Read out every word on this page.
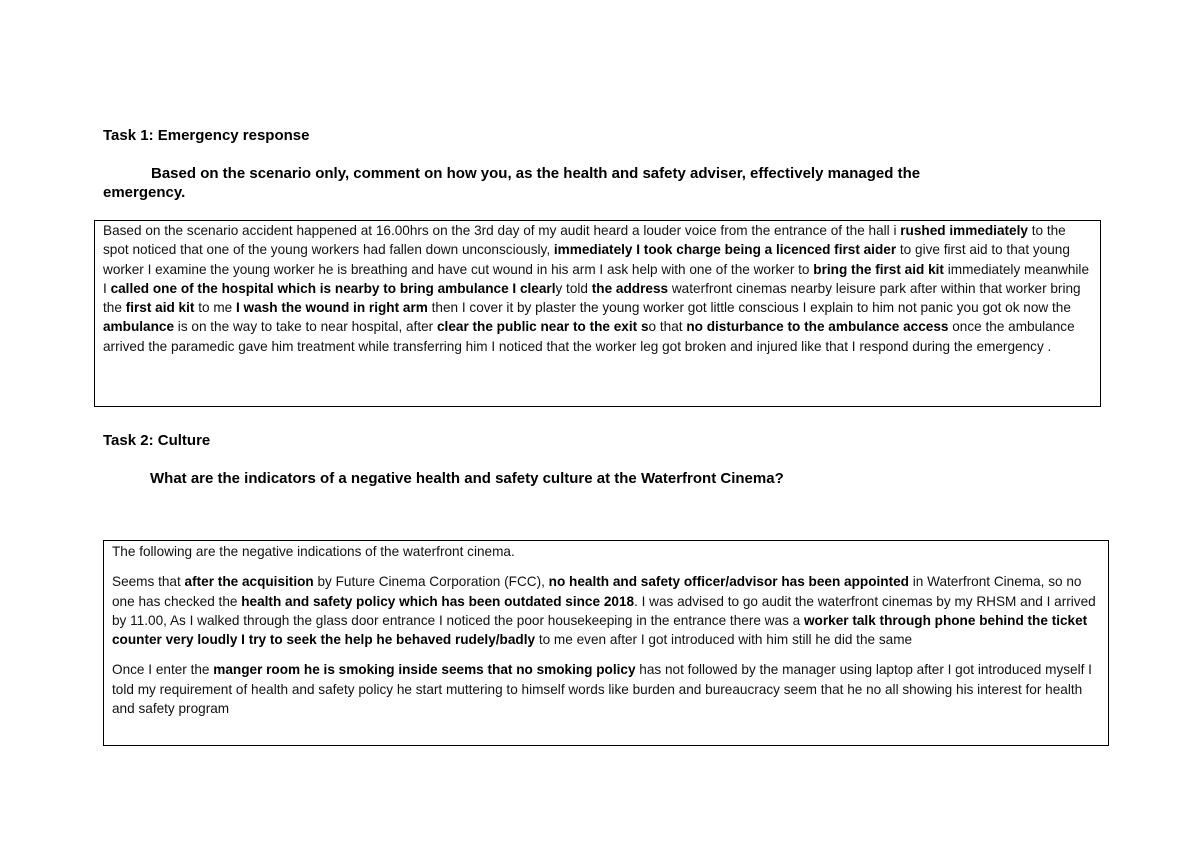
Task 1: Emergency response

Based on the scenario only, comment on how you, as the health and safety adviser, effectively managed the
emergency.

Based on the scenario accident happened at 16.00hrs on the 3rd day of my audit heard a louder voice from the entrance of the hall i rushed immediately to the spot noticed that one of the young workers had fallen down unconsciously, immediately I took charge being a licenced first aider to give first aid to that young worker I examine the young worker he is breathing and have cut wound in his arm I ask help with one of the worker to bring the first aid kit immediately meanwhile I called one of the hospital which is nearby to bring ambulance I clearly told the address waterfront cinemas nearby leisure park after within that worker bring the first aid kit to me I wash the wound in right arm then I cover it by plaster the young worker got little conscious I explain to him not panic you got ok now the ambulance is on the way to take to near hospital, after clear the public near to the exit so that no disturbance to the ambulance access once the ambulance arrived the paramedic gave him treatment while transferring him I noticed that the worker leg got broken and injured like that I respond during the emergency .

Task 2: Culture

What are the indicators of a negative health and safety culture at the Waterfront Cinema?

The following are the negative indications of the waterfront cinema.

Seems that after the acquisition by Future Cinema Corporation (FCC), no health and safety officer/advisor has been appointed in Waterfront Cinema, so no one has checked the health and safety policy which has been outdated since 2018. I was advised to go audit the waterfront cinemas by my RHSM and I arrived by 11.00, As I walked through the glass door entrance I noticed the poor housekeeping in the entrance there was a worker talk through phone behind the ticket counter very loudly I try to seek the help he behaved rudely/badly to me even after I got introduced with him still he did the same

Once I enter the manger room he is smoking inside seems that no smoking policy has not followed by the manager using laptop after I got introduced myself I told my requirement of health and safety policy he start muttering to himself words like burden and bureaucracy seem that he no all showing his interest for health and safety program
